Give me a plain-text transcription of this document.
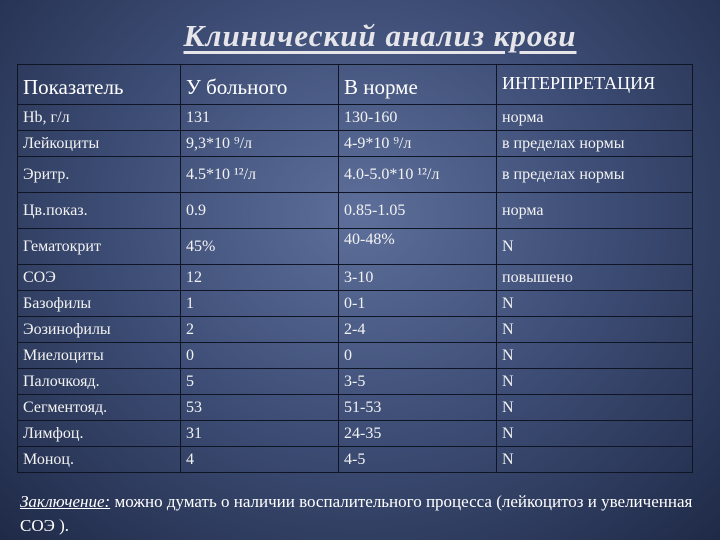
Клинический анализ крови
Показатель	У больного	В норме	ИНТЕРПРЕТАЦИЯ
Hb, г/л	131	130-160	норма
Лейкоциты	9,3*10 ⁹/л	4-9*10 ⁹/л	в пределах нормы
Эритр.	4.5*10 ¹²/л	4.0-5.0*10 ¹²/л	в пределах нормы
Цв.показ.	0.9	0.85-1.05	норма
Гематокрит	45%	40-48%	N
СОЭ	12	3-10	повышено
Базофилы	1	0-1	N
Эозинофилы	2	2-4	N
Миелоциты	0	0	N
Палочкояд.	5	3-5	N
Сегментояд.	53	51-53	N
Лимфоц.	31	24-35	N
Моноц.	4	4-5	N
Заключение: можно думать о наличии воспалительного процесса (лейкоцитоз и увеличенная СОЭ ).
